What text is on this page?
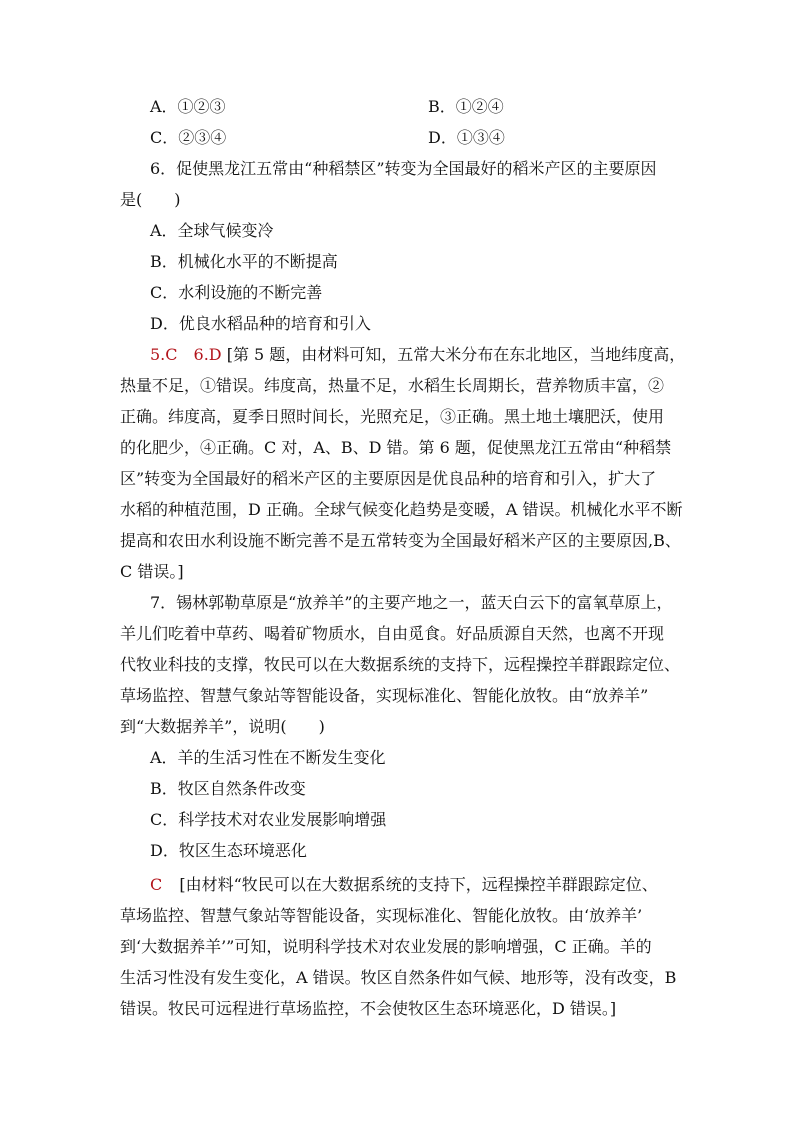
A．①②③	B．①②④
C．②③④	D．①③④
6．促使黑龙江五常由“种稻禁区”转变为全国最好的稻米产区的主要原因
是(　　)
A．全球气候变冷
B．机械化水平的不断提高
C．水利设施的不断完善
D．优良水稻品种的培育和引入
5.C　6.D [第 5 题，由材料可知，五常大米分布在东北地区，当地纬度高，
热量不足，①错误。纬度高，热量不足，水稻生长周期长，营养物质丰富，②
正确。纬度高，夏季日照时间长，光照充足，③正确。黑土地土壤肥沃，使用
的化肥少，④正确。C 对，A、B、D 错。第 6 题，促使黑龙江五常由“种稻禁
区”转变为全国最好的稻米产区的主要原因是优良品种的培育和引入，扩大了
水稻的种植范围，D 正确。全球气候变化趋势是变暖，A 错误。机械化水平不断
提高和农田水利设施不断完善不是五常转变为全国最好稻米产区的主要原因,B、
C 错误。]
7．锡林郭勒草原是“放养羊”的主要产地之一，蓝天白云下的富氧草原上，
羊儿们吃着中草药、喝着矿物质水，自由觅食。好品质源自天然，也离不开现
代牧业科技的支撑，牧民可以在大数据系统的支持下，远程操控羊群跟踪定位、
草场监控、智慧气象站等智能设备，实现标准化、智能化放牧。由“放养羊”
到“大数据养羊”，说明(　　)
A．羊的生活习性在不断发生变化
B．牧区自然条件改变
C．科学技术对农业发展影响增强
D．牧区生态环境恶化
C [由材料“牧民可以在大数据系统的支持下，远程操控羊群跟踪定位、
草场监控、智慧气象站等智能设备，实现标准化、智能化放牧。由‘放养羊’
到‘大数据养羊’”可知，说明科学技术对农业发展的影响增强，C 正确。羊的
生活习性没有发生变化，A 错误。牧区自然条件如气候、地形等，没有改变，B
错误。牧民可远程进行草场监控，不会使牧区生态环境恶化，D 错误。]
